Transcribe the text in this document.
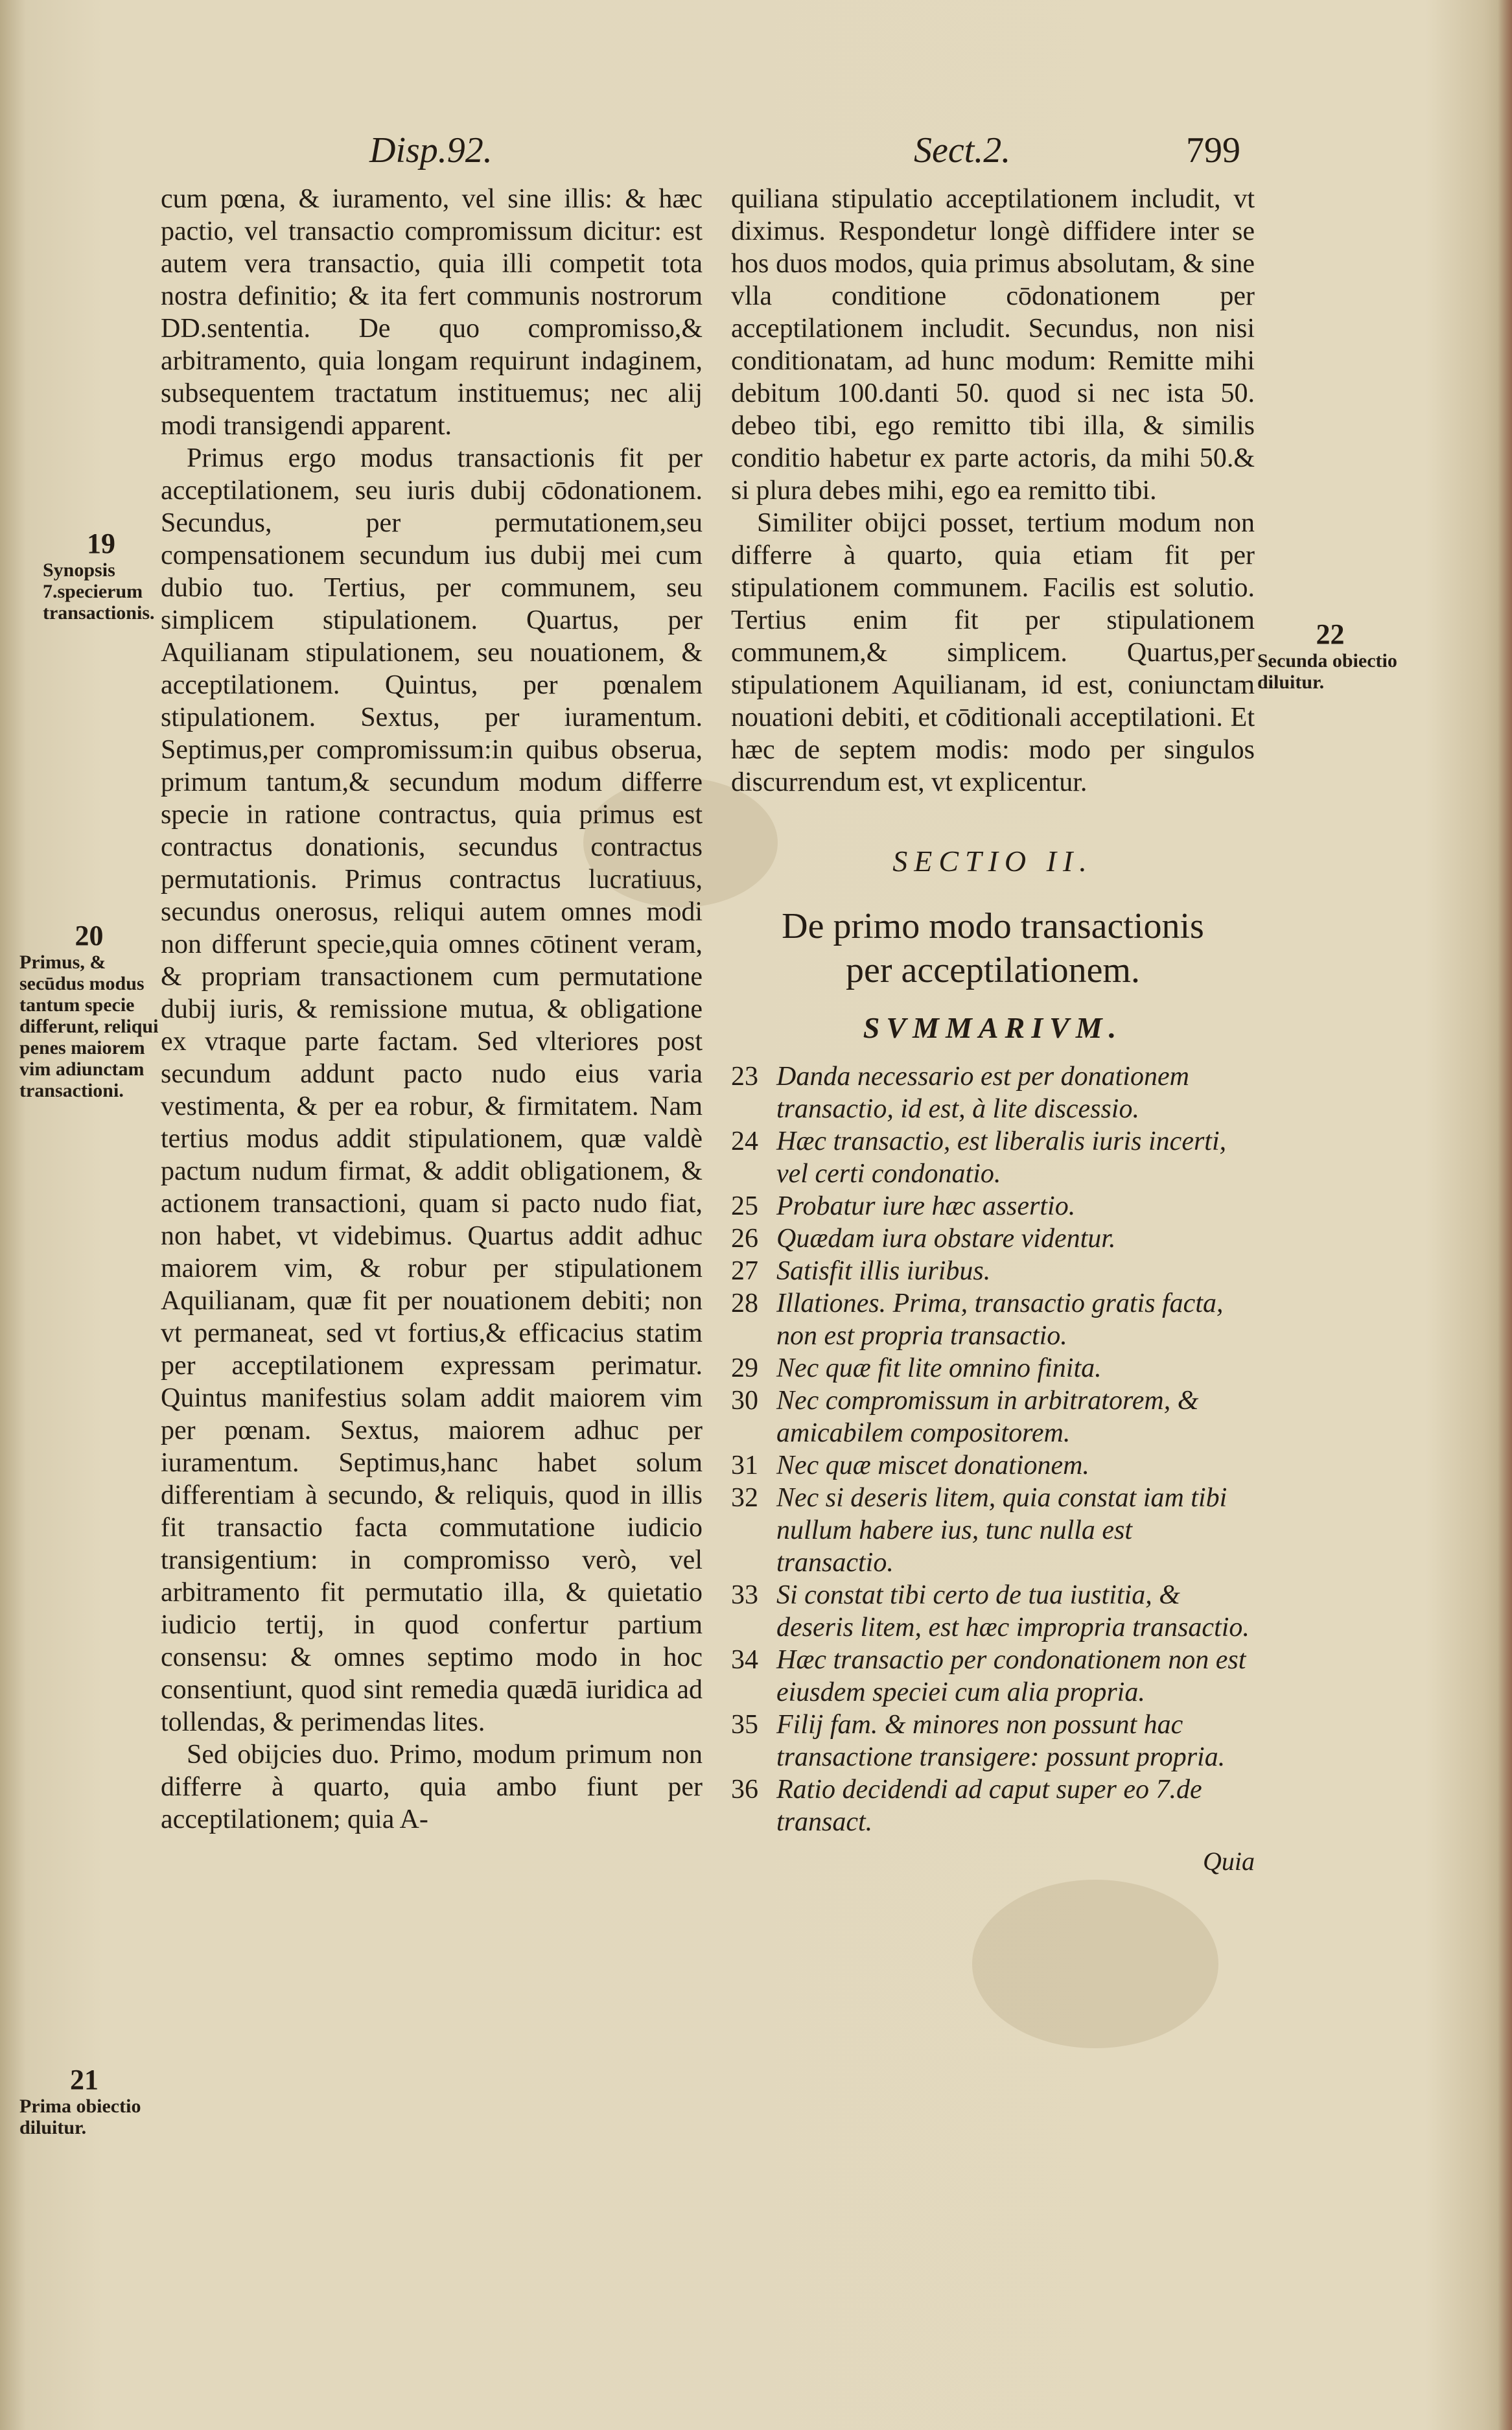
Disp.92.	Sect.2.	799
19
Synopsis 7.specierum transactionis.
20
Primus, & secūdus modus tantum specie differunt, reliqui penes maiorem vim adiunctam transactioni.
21
Prima obiectio diluitur.
22
Secunda obiectio diluitur.

cum pœna, & iuramento, vel sine illis: & hæc pactio, vel transactio compromissum dicitur: est autem vera transactio, quia illi competit tota nostra definitio; & ita fert communis nostrorum DD.sententia. De quo compromisso,& arbitramento, quia longam requirunt indaginem, subsequentem tractatum instituemus; nec alij modi transigendi apparent.

Primus ergo modus transactionis fit per acceptilationem, seu iuris dubij cōdonationem. Secundus, per permutationem,seu compensationem secundum ius dubij mei cum dubio tuo. Tertius, per communem, seu simplicem stipulationem. Quartus, per Aquilianam stipulationem, seu nouationem, & acceptilationem. Quintus, per pœnalem stipulationem. Sextus, per iuramentum. Septimus,per compromissum:in quibus obserua, primum tantum,& secundum modum differre specie in ratione contractus, quia primus est contractus donationis, secundus contractus permutationis. Primus contractus lucratiuus, secundus onerosus, reliqui autem omnes modi non differunt specie,quia omnes cōtinent veram, & propriam transactionem cum permutatione dubij iuris, & remissione mutua, & obligatione ex vtraque parte factam. Sed vlteriores post secundum addunt pacto nudo eius varia vestimenta, & per ea robur, & firmitatem. Nam tertius modus addit stipulationem, quæ valdè pactum nudum firmat, & addit obligationem, & actionem transactioni, quam si pacto nudo fiat, non habet, vt videbimus. Quartus addit adhuc maiorem vim, & robur per stipulationem Aquilianam, quæ fit per nouationem debiti; non vt permaneat, sed vt fortius,& efficacius statim per acceptilationem expressam perimatur. Quintus manifestius solam addit maiorem vim per pœnam. Sextus, maiorem adhuc per iuramentum. Septimus,hanc habet solum differentiam à secundo, & reliquis, quod in illis fit transactio facta commutatione iudicio transigentium: in compromisso verò, vel arbitramento fit permutatio illa, & quietatio iudicio tertij, in quod confertur partium consensu: & omnes septimo modo in hoc consentiunt, quod sint remedia quædā iuridica ad tollendas, & perimendas lites.

Sed obijcies duo. Primo, modum primum non differre à quarto, quia ambo fiunt per acceptilationem; quia A-

quiliana stipulatio acceptilationem includit, vt diximus. Respondetur longè diffidere inter se hos duos modos, quia primus absolutam, & sine vlla conditione cōdonationem per acceptilationem includit. Secundus, non nisi conditionatam, ad hunc modum: Remitte mihi debitum 100.danti 50. quod si nec ista 50. debeo tibi, ego remitto tibi illa, & similis conditio habetur ex parte actoris, da mihi 50.& si plura debes mihi, ego ea remitto tibi.

Similiter obijci posset, tertium modum non differre à quarto, quia etiam fit per stipulationem communem. Facilis est solutio. Tertius enim fit per stipulationem communem,& simplicem. Quartus,per stipulationem Aquilianam, id est, coniunctam nouationi debiti, et cōditionali acceptilationi. Et hæc de septem modis: modo per singulos discurrendum est, vt explicentur.

SECTIO II.
De primo modo transactionis
per acceptilationem.
SVMMARIVM.
23 Danda necessario est per donationem transactio, id est, à lite discessio.
24 Hæc transactio, est liberalis iuris incerti, vel certi condonatio.
25 Probatur iure hæc assertio.
26 Quædam iura obstare videntur.
27 Satisfit illis iuribus.
28 Illationes. Prima, transactio gratis facta, non est propria transactio.
29 Nec quæ fit lite omnino finita.
30 Nec compromissum in arbitratorem, & amicabilem compositorem.
31 Nec quæ miscet donationem.
32 Nec si deseris litem, quia constat iam tibi nullum habere ius, tunc nulla est transactio.
33 Si constat tibi certo de tua iustitia, & deseris litem, est hæc impropria transactio.
34 Hæc transactio per condonationem non est eiusdem speciei cum alia propria.
35 Filij fam. & minores non possunt hac transactione transigere: possunt propria.
36 Ratio decidendi ad caput super eo 7.de transact.
Quia
